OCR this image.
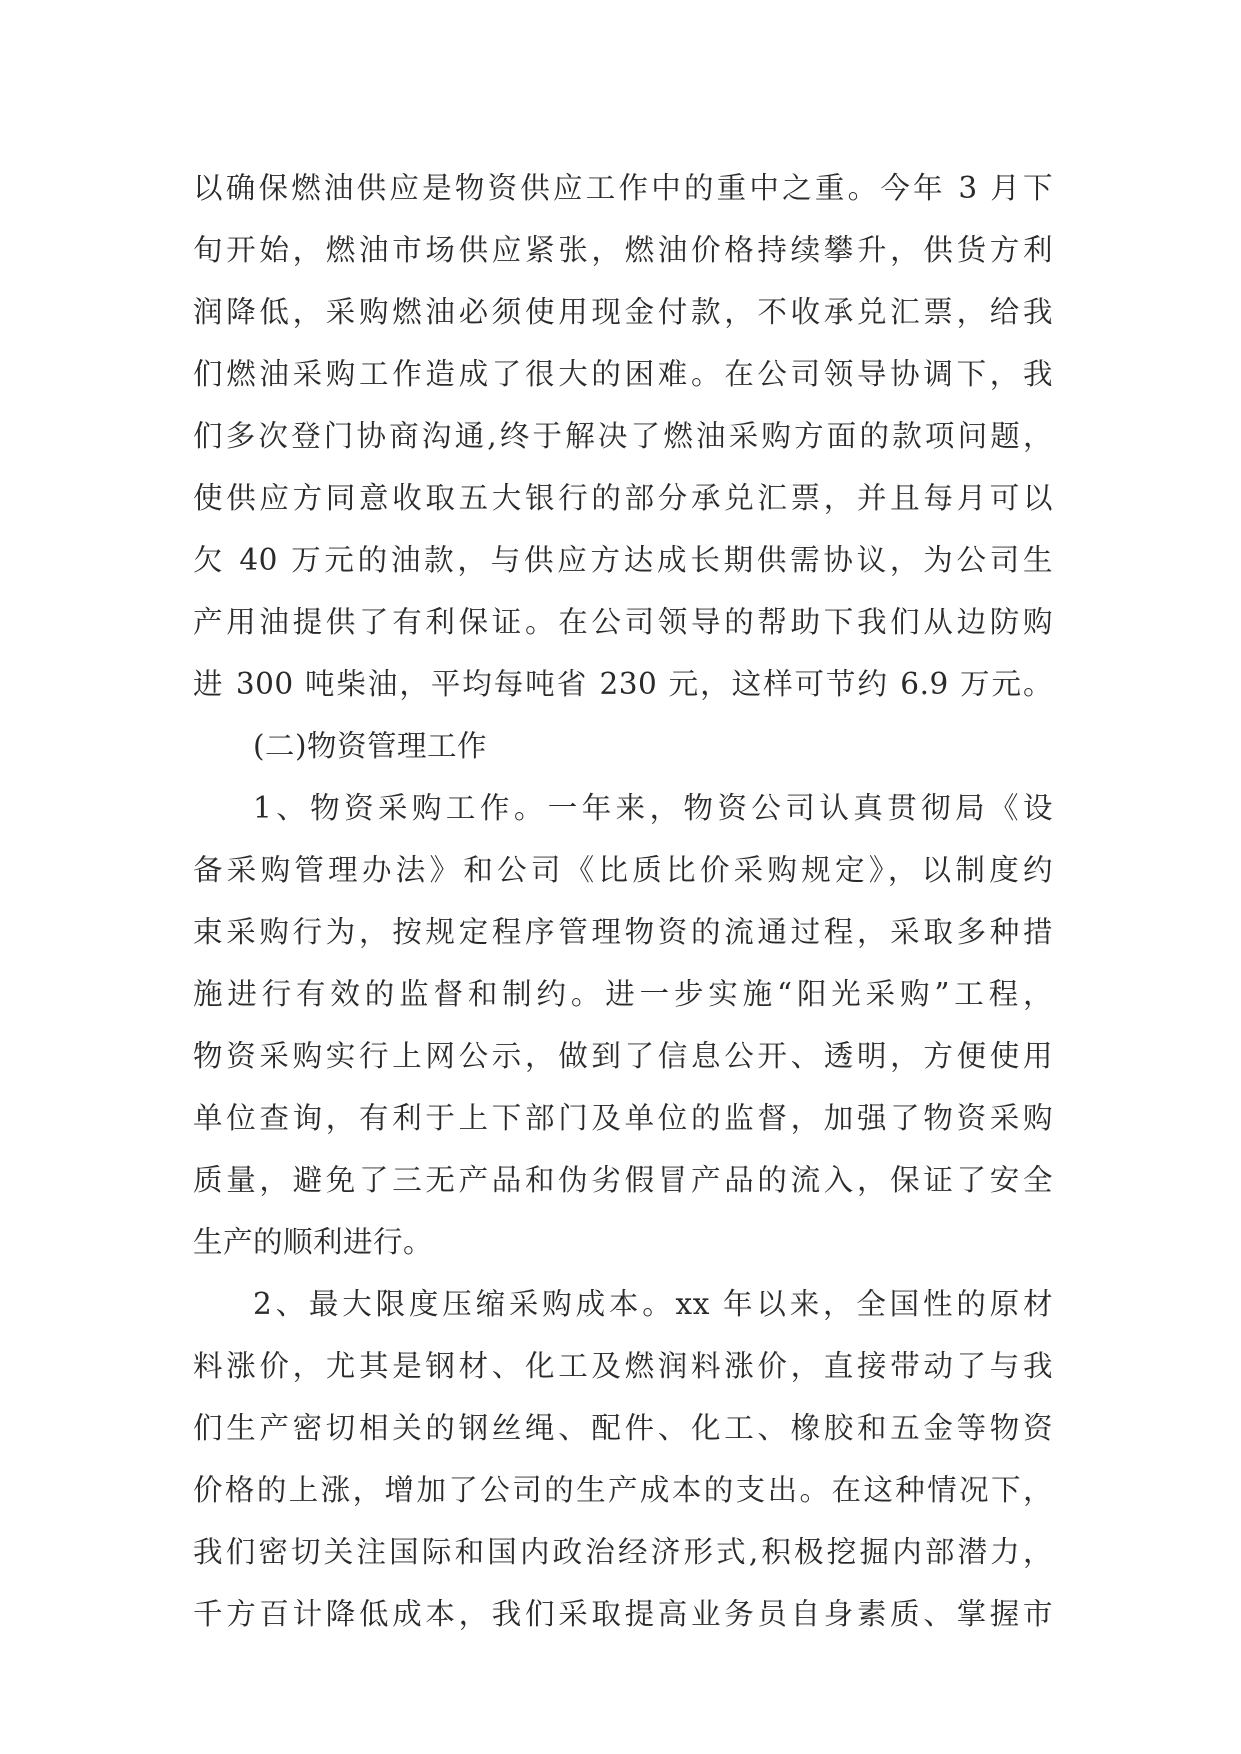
以确保燃油供应是物资供应工作中的重中之重。今年 3 月下
旬开始，燃油市场供应紧张，燃油价格持续攀升，供货方利
润降低，采购燃油必须使用现金付款，不收承兑汇票，给我
们燃油采购工作造成了很大的困难。在公司领导协调下，我
们多次登门协商沟通,终于解决了燃油采购方面的款项问题，
使供应方同意收取五大银行的部分承兑汇票，并且每月可以
欠 40 万元的油款，与供应方达成长期供需协议，为公司生
产用油提供了有利保证。在公司领导的帮助下我们从边防购
进 300 吨柴油，平均每吨省 230 元，这样可节约 6.9 万元。
(二)物资管理工作
1、物资采购工作。一年来，物资公司认真贯彻局《设
备采购管理办法》和公司《比质比价采购规定》，以制度约
束采购行为，按规定程序管理物资的流通过程，采取多种措
施进行有效的监督和制约。进一步实施“阳光采购”工程，
物资采购实行上网公示，做到了信息公开、透明，方便使用
单位查询，有利于上下部门及单位的监督，加强了物资采购
质量，避免了三无产品和伪劣假冒产品的流入，保证了安全
生产的顺利进行。
2、最大限度压缩采购成本。xx 年以来，全国性的原材
料涨价，尤其是钢材、化工及燃润料涨价，直接带动了与我
们生产密切相关的钢丝绳、配件、化工、橡胶和五金等物资
价格的上涨，增加了公司的生产成本的支出。在这种情况下，
我们密切关注国际和国内政治经济形式,积极挖掘内部潜力，
千方百计降低成本，我们采取提高业务员自身素质、掌握市
